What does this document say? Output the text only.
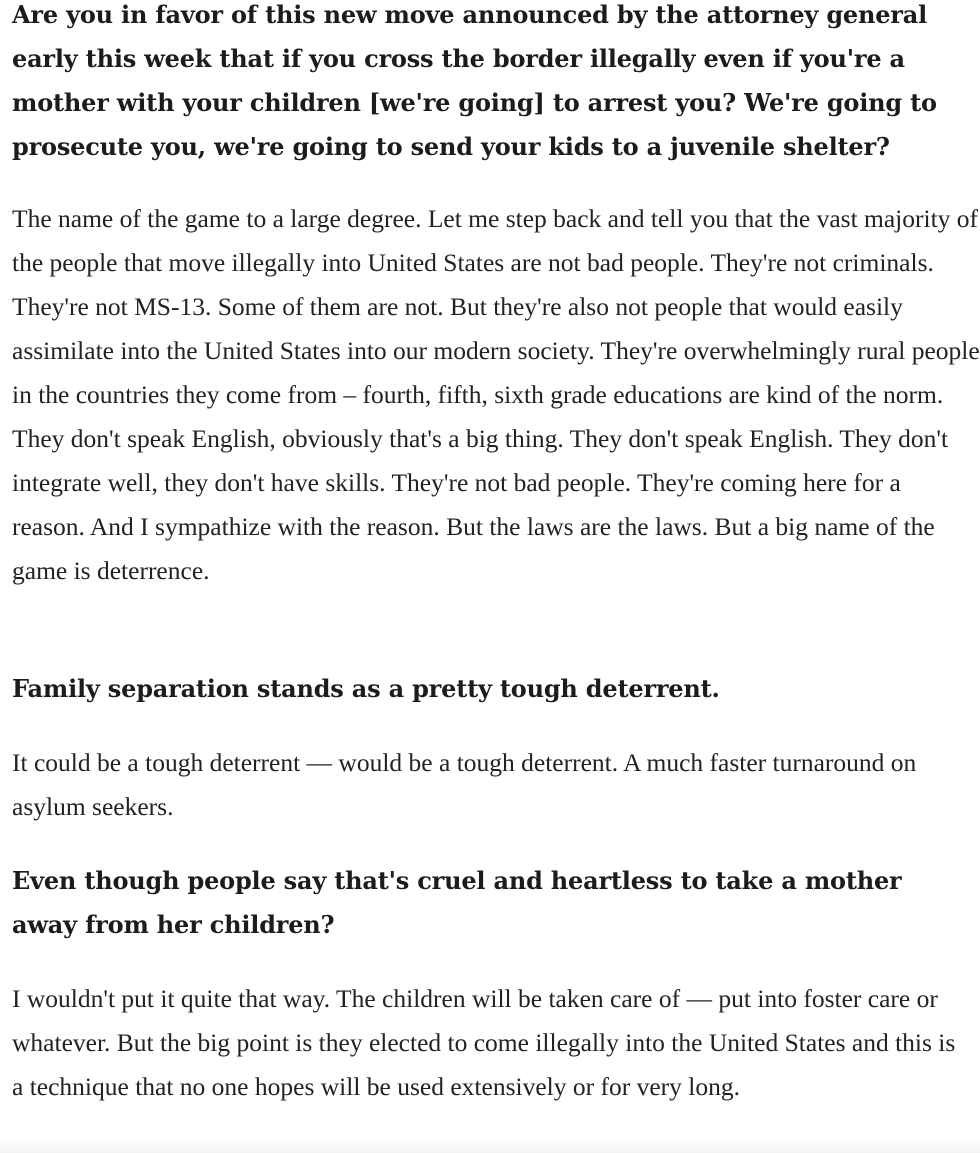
Are you in favor of this new move announced by the attorney general early this week that if you cross the border illegally even if you're a mother with your children [we're going] to arrest you? We're going to prosecute you, we're going to send your kids to a juvenile shelter?

The name of the game to a large degree. Let me step back and tell you that the vast majority of the people that move illegally into United States are not bad people. They're not criminals. They're not MS-13. Some of them are not. But they're also not people that would easily assimilate into the United States into our modern society. They're overwhelmingly rural people in the countries they come from – fourth, fifth, sixth grade educations are kind of the norm. They don't speak English, obviously that's a big thing. They don't speak English. They don't integrate well, they don't have skills. They're not bad people. They're coming here for a reason. And I sympathize with the reason. But the laws are the laws. But a big name of the game is deterrence.

Family separation stands as a pretty tough deterrent.

It could be a tough deterrent — would be a tough deterrent. A much faster turnaround on asylum seekers.

Even though people say that's cruel and heartless to take a mother away from her children?

I wouldn't put it quite that way. The children will be taken care of — put into foster care or whatever. But the big point is they elected to come illegally into the United States and this is a technique that no one hopes will be used extensively or for very long.
